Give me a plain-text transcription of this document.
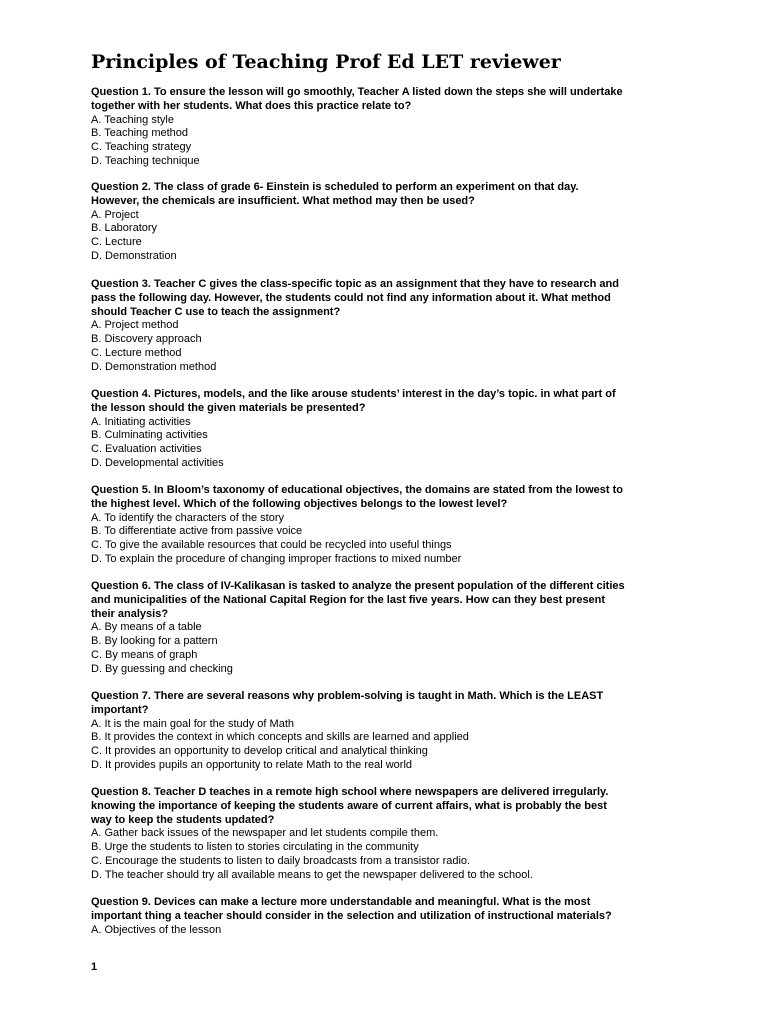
Principles of Teaching Prof Ed LET reviewer
Question 1. To ensure the lesson will go smoothly, Teacher A listed down the steps she will undertake
together with her students. What does this practice relate to?
A. Teaching style
B. Teaching method
C. Teaching strategy
D. Teaching technique
Question 2. The class of grade 6- Einstein is scheduled to perform an experiment on that day.
However, the chemicals are insufficient. What method may then be used?
A. Project
B. Laboratory
C. Lecture
D. Demonstration
Question 3. Teacher C gives the class-specific topic as an assignment that they have to research and
pass the following day. However, the students could not find any information about it. What method
should Teacher C use to teach the assignment?
A. Project method
B. Discovery approach
C. Lecture method
D. Demonstration method
Question 4. Pictures, models, and the like arouse students’ interest in the day’s topic. in what part of
the lesson should the given materials be presented?
A. Initiating activities
B. Culminating activities
C. Evaluation activities
D. Developmental activities
Question 5. In Bloom’s taxonomy of educational objectives, the domains are stated from the lowest to
the highest level. Which of the following objectives belongs to the lowest level?
A. To identify the characters of the story
B. To differentiate active from passive voice
C. To give the available resources that could be recycled into useful things
D. To explain the procedure of changing improper fractions to mixed number
Question 6. The class of IV-Kalikasan is tasked to analyze the present population of the different cities
and municipalities of the National Capital Region for the last five years. How can they best present
their analysis?
A. By means of a table
B. By looking for a pattern
C. By means of graph
D. By guessing and checking
Question 7. There are several reasons why problem-solving is taught in Math. Which is the LEAST
important?
A. It is the main goal for the study of Math
B. It provides the context in which concepts and skills are learned and applied
C. It provides an opportunity to develop critical and analytical thinking
D. It provides pupils an opportunity to relate Math to the real world
Question 8. Teacher D teaches in a remote high school where newspapers are delivered irregularly.
knowing the importance of keeping the students aware of current affairs, what is probably the best
way to keep the students updated?
A. Gather back issues of the newspaper and let students compile them.
B. Urge the students to listen to stories circulating in the community
C. Encourage the students to listen to daily broadcasts from a transistor radio.
D. The teacher should try all available means to get the newspaper delivered to the school.
Question 9. Devices can make a lecture more understandable and meaningful. What is the most
important thing a teacher should consider in the selection and utilization of instructional materials?
A. Objectives of the lesson
1
